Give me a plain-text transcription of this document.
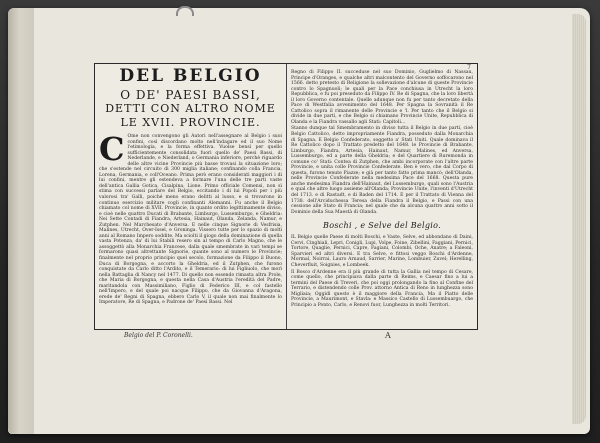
DEL BELGIO
O DE' PAESI BASSI,
DETTI CON ALTRO NOME
LE XVII. PROVINCIE.
C Ome non convengono gli Autori nell'assegnare al Belgio i suoi confini, così discordano molto nell'indagare ed il suo Nome l'etimologia, e la forma effettiva. Vuolse bensì per quello sufficientemente consolidata fuori quello de' Paesi Bassi, di Nederlande, e Niederland, o Germania inferiore, perchè riguardo delle altre vicine Provincie più basse trovasi la situazione loro; che s'estende nel circuito di 300 miglia italiane; confinando colla Francia, Lorena, Germania, e coll'Oceano. Prima però erano considerati maggiori i di lui confini, mentre gli estendeva a formare l'una delle tre parti vaste dell'antica Gallia Gotica, Cisalpina, Lione. Primo officiale Comensi, non sì stima con successi parlare del Belgio, eccitando i di lui Popoli per i più valorosi tra' Galli, poiché meno erano delitti al lusso, e si trovarono in continuo esercizio militare cogli confinanti Alemanni. Fu anche il Belgio chiamato col nome di XVII. Provincie, in quanto ordito legittimamente diviso, e cioè nelle quattro Ducati di Brabante, Limburgo, Lussemburgo, e Gheldria: Nei Sette Contadi di Fiandra, Artesia, Hainaut, Olanda, Zelanda, Namur, e Zutphen. Nel Marchesato d'Anversa. E nelle cinque Signorie di Vesfrisia, Malines, Utrecht, Over-Issel, e Groninga. Vissero tutte per lo spazio di molti anni al Romano Impero soddite. Ma sciolti il giogo della dominazione di quella vasta Potenza, da' di lui Stabili resero sin al tempo di Carlo Magno, che le assoggettò alla Monarchia Francese, dalla quale smembrate in vari tempi se formarono quasi altrettante Signorie, quante sono al numero le Provincie; finalmente nel proprio principio quel secolo, formazione da Filippo il Buono, Duca di Borgogna, e accorto la Gheldria, ed il Zutphen, che furono conquistate da Carlo ditto l'Ardito, e il Temerario: di lui Figliuolo, che morì nella Battaglia di Nancy nel 1477. Di quello non essendo rimasta altra Prole, che Maria di Borgogna, e questa nella Casa d'Austria l'eredità del Padre, maritandola con Massimiliano, Figlio di Federico III, e col fastello nell'Impero, e del quale poi nacque Filippo, che da Giovanna d'Aragona, erede de' Regni di Spagna, ebbero Carlo V, il quale non mai finalmente lo Imperatore, Re di Spagna, e Padrone de' Paesi Bassi. Nel

7

Regno di Filippo II. succeduse nel suo Dominio, Guglielmo di Nassau, Principe d'Oranges, e qualche altri malcontento del Governo soffocarono nel 1566. detto pretesto di Religione la sollevazione d'alcune di queste Provincie contro lo Spagnuoli; le quali per la Pace conchiusa in Utrecht la loro Repubblica, e fu poi preseduto da Filippo IV. Re di Spagna, che la loro libertà il loro Governo contentale. Quelle adunque non fu per tanto decretato della Pace di Westfalia avvenimento del 1648. Per Spagna la Sovranità il Re Cattolico sopra il rimanente delle Provincie e 'l. Per tanto che il Belgio si divide in due parti, e che Belgio si chiamano Provincie Unite, Repubblica di Olanda e la Fiandra vassallo agli Stati: Capitoli...

Stanno dunque tal Smembramento in diviso tutta il Belgio in due parti, cioè Belgio Cattolico, detto impropriamente Fiandra, posseduto dalla Monarchia di Spagna. E Belgio Confederato, soggetto a' Stati Uniti. Quale dominava il Re Cattolico dopo il Trattato predetto del 1648. le Provincie di Brabante, Limburgo, Fiandra, Artesia, Hainaut, Namur, Malines, ed Anversa, Lussemburgo, ed a parte della Gheldria; e del Quartiere di Ruremonda in comune co' Stati: Contea di Zutphen, che ambi incorporate con l'altre parte Provincie, e unita colle Provincie Confederate. Ben è vero, che dal Corpo di questa, furono tenute Piazze; e già per tanto fatto prima mancò; dell'Olanda, nelle Provincie Confederate nella medesima Pace del 1668. Questa pure anche medesima Fiandra dell'Hainaut, del Lussemburgo, quali sono l'Austria e qual che altre luogo assieme all'Olanda; Provincie Unite, l'inventi d'Utrecht del 1713. e di Rastadt, e di Baden del 1714. E per il Trattato di Vienna del 1738. dell'Arciduchessa Teresa della Fiandra il Belgio, e Passi con una cessione alle Stato di Francia; nel quale che da alcuna quattro anni sotto il Dominio della Sua Maestà di Olanda.

Boschi , e Selve del Belgio.

IL Belgio quelle Paese di molti Boschi, e Vaste, Selve, ed abbondano di Daini, Cervi, Cinghiali, Lepri, Conigli, Lupi, Volpe, Foine, Zibellini, Faggiani, Pernici, Tortore, Quaglie, Pernici, Capre, Fagiani, Colombi, Oche, Anatre; a Faleoni, Sparvieri ed altri diversi. E tra Selve, e fittosi veggo Boschi d'Ardenne, Mormal, Noirrai, Lauro Arnaud, Sarrier, Marine, Lombuier, Zuvel; Herelling, Cheverfluit, Soignies, e Lombeek.

Il Bosco d'Ardenne era il più grande di tutta la Gallia nel tempo di Cesare, come quello, che principiava dalla parte di Reims, e Caesar fino a lui a termini del Paese di Treveri, che poi oggi prolongando la fino al Confine del Terrario, e distendendo colle Prov. attorno Antica di Reno in lunghezza sono Migliaia; Oggidì questo è il maggiore della Francia, Ma il Piatto delle Provincie, a Maurimont, e Stavla: e Massico Castello di Lussembuargo, che Principio a Ponto, Carlo, e Renovi fuor, Lunghezza in molti Territori.

Belgio del P. Coronelli.	A
